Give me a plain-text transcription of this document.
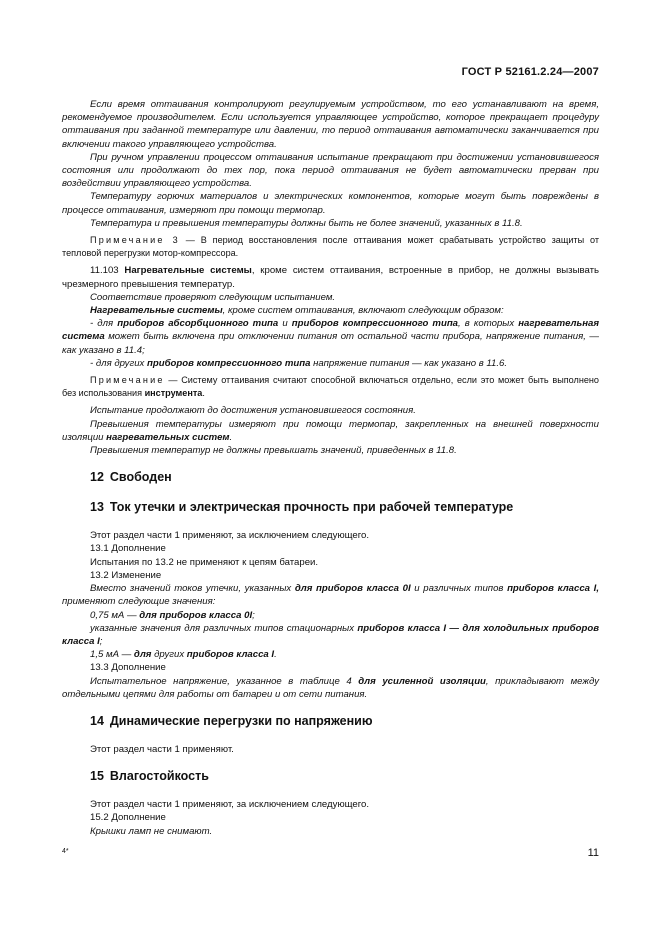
ГОСТ Р 52161.2.24—2007

Если время оттаивания контролируют регулируемым устройством, то его устанавливают на время, рекомендуемое производителем. Если используется управляющее устройство, которое прекращает процедуру оттаивания при заданной температуре или давлении, то период оттаивания автоматически заканчивается при включении такого управляющего устройства.

При ручном управлении процессом оттаивания испытание прекращают при достижении установившегося состояния или продолжают до тех пор, пока период оттаивания не будет автоматически прерван при воздействии управляющего устройства.

Температуру горючих материалов и электрических компонентов, которые могут быть повреждены в процессе оттаивания, измеряют при помощи термопар.

Температура и превышения температуры должны быть не более значений, указанных в 11.8.

Примечание 3 — В период восстановления после оттаивания может срабатывать устройство защиты от тепловой перегрузки мотор-компрессора.

11.103 Нагревательные системы, кроме систем оттаивания, встроенные в прибор, не должны вызывать чрезмерного превышения температур.

Соответствие проверяют следующим испытанием.

Нагревательные системы, кроме систем оттаивания, включают следующим образом:

- для приборов абсорбционного типа и приборов компрессионного типа, в которых нагревательная система может быть включена при отключении питания от остальной части прибора, напряжение питания, — как указано в 11.4;

- для других приборов компрессионного типа напряжение питания — как указано в 11.6.

Примечание — Систему оттаивания считают способной включаться отдельно, если это может быть выполнено без использования инструмента.

Испытание продолжают до достижения установившегося состояния.

Превышения температуры измеряют при помощи термопар, закрепленных на внешней поверхности изоляции нагревательных систем.

Превышения температур не должны превышать значений, приведенных в 11.8.

12 Свободен
13 Ток утечки и электрическая прочность при рабочей температуре

Этот раздел части 1 применяют, за исключением следующего.

13.1 Дополнение

Испытания по 13.2 не применяют к цепям батареи.

13.2 Изменение

Вместо значений токов утечки, указанных для приборов класса 0I и различных типов приборов класса I, применяют следующие значения:

0,75 мА — для приборов класса 0I;

указанные значения для различных типов стационарных приборов класса I — для холодильных приборов класса I;

1,5 мА — для других приборов класса I.

13.3 Дополнение

Испытательное напряжение, указанное в таблице 4 для усиленной изоляции, прикладывают между отдельными цепями для работы от батареи и от сети питания.

14 Динамические перегрузки по напряжению

Этот раздел части 1 применяют.

15 Влагостойкость

Этот раздел части 1 применяют, за исключением следующего.

15.2 Дополнение

Крышки ламп не снимают.

4*	11
